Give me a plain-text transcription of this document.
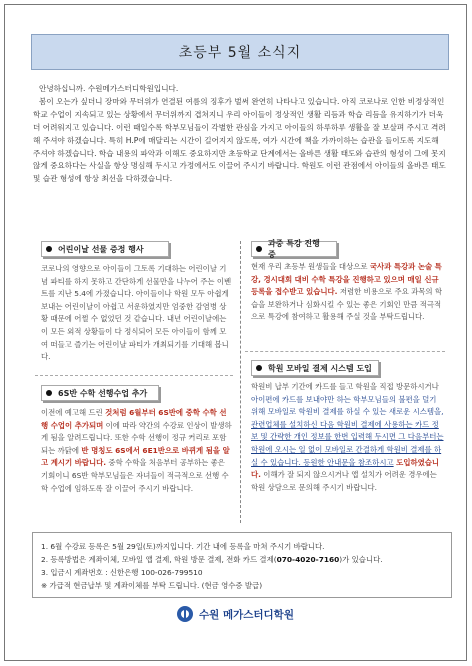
초등부 5월 소식지

안녕하십니까. 수원메가스터디학원입니다.

봄이 오는가 싶더니 장마와 무더위가 연결된 여름의 징후가 벌써 완연히 나타나고 있습니다. 아직 코로나로 인한 비정상적인 학교 수업이 지속되고 있는 상황에서 무더위까지 겹쳐지니 우리 아이들이 정상적인 생활 리듬과 학습 리듬을 유지하기가 더욱 더 어려워지고 있습니다. 이런 때일수록 학부모님들이 각별한 관심을 가지고 아이들의 하루하루 생활을 잘 보살펴 주시고 격려해 주셔야 하겠습니다. 특히 H.P에 매달리는 시간이 길어지지 않도록, 여가 시간에 책을 가까이하는 습관을 들이도록 지도해 주셔야 하겠습니다. 학습 내용의 파악과 이해도 중요하지만 초등학교 단계에서는 올바른 생활 태도와 습관의 형성이 그에 못지 않게 중요하다는 사실을 항상 명심해 두시고 가정에서도 이끌어 주시기 바랍니다. 학원도 이런 관점에서 아이들의 올바른 태도 및 습관 형성에 항상 최선을 다하겠습니다.

어린이날 선물 증정 행사
코로나의 영향으로 아이들이 그토록 기대하는 어린이날 기념 파티를 하지 못하고 간단하게 선물만을 나누어 주는 이벤트를 지난 5.4에 가졌습니다. 아이들이나 학원 모두 아쉽게 보내는 어린이날이 아쉽고 서운하였지만 엄중한 감염병 상황 때문에 어쩔 수 없었던 것 같습니다. 내년 어린이날에는 이 모든 외적 상황들이 다 정식되어 모든 아이들이 함께 모여 떠들고 즐기는 어린이날 파티가 개최되기를 기대해 봅니다.
6S반 수학 선행수업 추가
이전에 예고해 드린 것처럼 6월부터 6S반에 중학 수학 선행 수업이 추가되며 이에 따라 약간의 수강료 인상이 발생하게 됨을 알려드립니다. 또한 수학 선행이 정규 커리로 포함되는 까닭에 반 명칭도 6S에서 6E1반으로 바뀌게 됨을 알고 계시기 바랍니다. 중학 수학을 처음부터 공부하는 좋은 기회이니 6S반 학부모님들은 자녀들이 적극적으로 선행 수학 수업에 임하도록 잘 이끌어 주시기 바랍니다.
과중 특강 진행 중
현재 우리 초등부 원생들을 대상으로 국사과 특강과 논술 특강, 경시대회 대비 수학 특강을 진행하고 있으며 매일 신규 등록을 접수받고 있습니다. 저렴한 비용으로 주요 과목의 학습을 보완하거나 심화시킬 수 있는 좋은 기회인 만큼 적극적으로 특강에 참여하고 활용해 주실 것을 부탁드립니다.
학원 모바일 결제 시스템 도입
학원비 납부 기간에 카드를 들고 학원을 직접 방문하시거나 아이편에 카드를 보내야만 하는 학부모님들의 불편을 덜기 위해 모바일로 학원비 결제를 하실 수 있는 새로운 시스템을, 관련업체를 설치하신 다음 학원비 결제에 사용하는 카드 정보 및 간략한 개인 정보를 한번 입력해 두시면 그 다음부터는 학원에 오시는 일 없이 모바일로 간결하게 학원비 결제를 하실 수 있습니다. 등원한 안내문을 참조하시고 도입하였습니다. 이해가 잘 되지 않으시거나 앱 설치가 어려운 경우에는 학원 상담으로 문의해 주시기 바랍니다.
1. 6월 수강료 등록은 5월 29일(토)까지입니다. 기간 내에 등록을 마쳐 주시기 바랍니다.
2. 등록방법은 계좌이체, 모바일 앱 결제, 학원 방문 결제, 전화 카드 결제(070-4020-7160)가 있습니다.
3. 입금시 계좌번호 : 신한은행 100-026-799510
※ 가급적 현금납부 및 계좌이체를 부탁 드립니다. (현금 영수증 발급)
수원 메가스터디학원
